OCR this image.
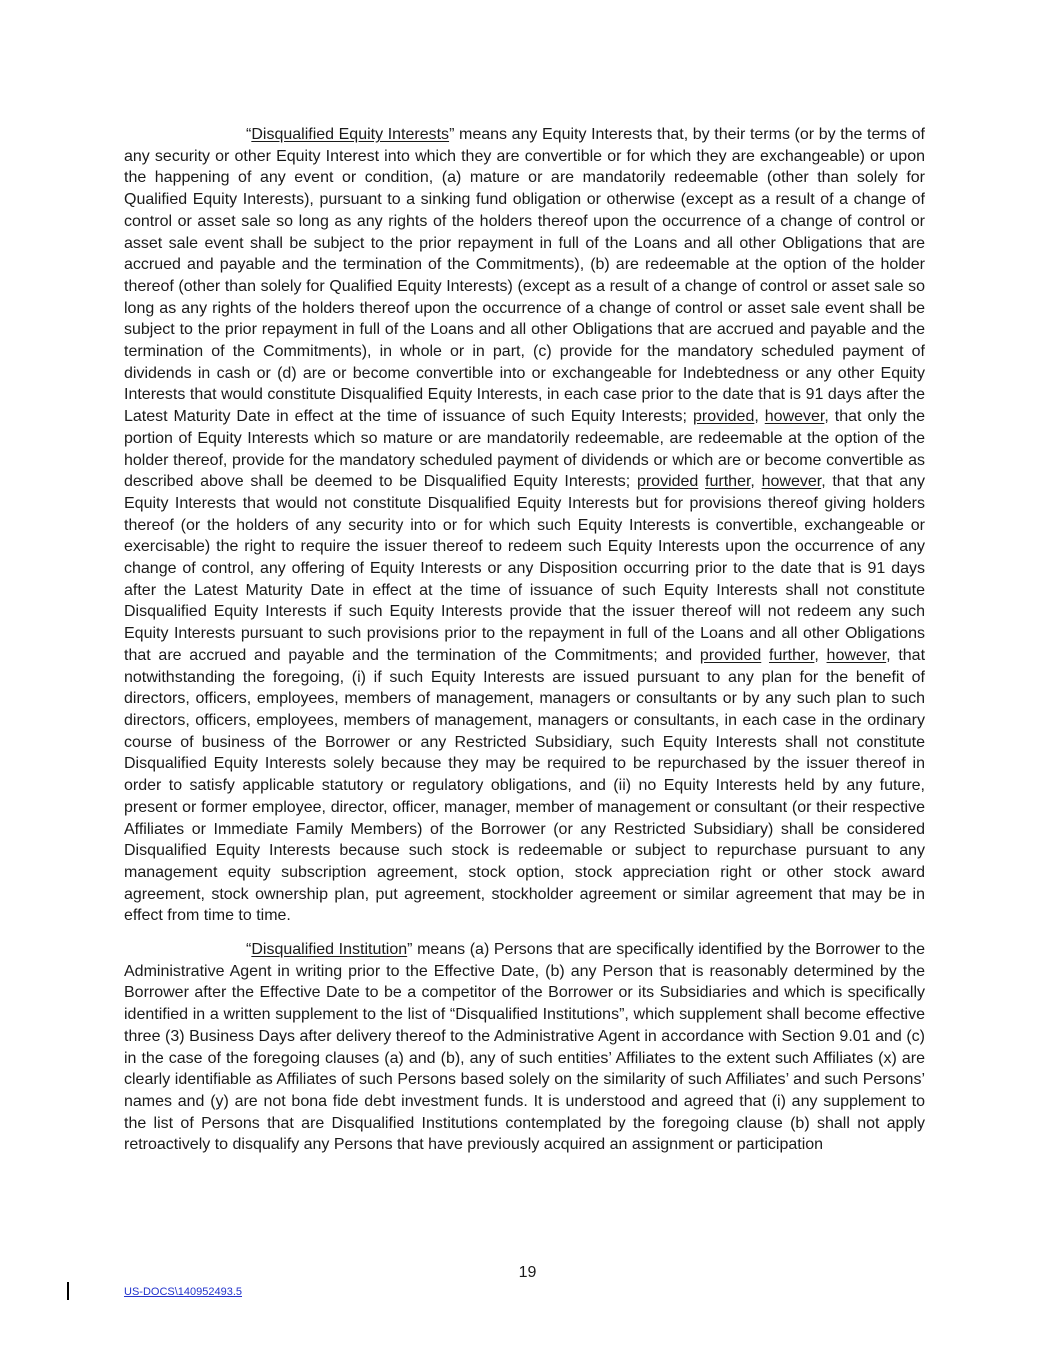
“Disqualified Equity Interests” means any Equity Interests that, by their terms (or by the terms of any security or other Equity Interest into which they are convertible or for which they are exchangeable) or upon the happening of any event or condition, (a) mature or are mandatorily redeemable (other than solely for Qualified Equity Interests), pursuant to a sinking fund obligation or otherwise (except as a result of a change of control or asset sale so long as any rights of the holders thereof upon the occurrence of a change of control or asset sale event shall be subject to the prior repayment in full of the Loans and all other Obligations that are accrued and payable and the termination of the Commitments), (b) are redeemable at the option of the holder thereof (other than solely for Qualified Equity Interests) (except as a result of a change of control or asset sale so long as any rights of the holders thereof upon the occurrence of a change of control or asset sale event shall be subject to the prior repayment in full of the Loans and all other Obligations that are accrued and payable and the termination of the Commitments), in whole or in part, (c) provide for the mandatory scheduled payment of dividends in cash or (d) are or become convertible into or exchangeable for Indebtedness or any other Equity Interests that would constitute Disqualified Equity Interests, in each case prior to the date that is 91 days after the Latest Maturity Date in effect at the time of issuance of such Equity Interests; provided, however, that only the portion of Equity Interests which so mature or are mandatorily redeemable, are redeemable at the option of the holder thereof, provide for the mandatory scheduled payment of dividends or which are or become convertible as described above shall be deemed to be Disqualified Equity Interests; provided further, however, that that any Equity Interests that would not constitute Disqualified Equity Interests but for provisions thereof giving holders thereof (or the holders of any security into or for which such Equity Interests is convertible, exchangeable or exercisable) the right to require the issuer thereof to redeem such Equity Interests upon the occurrence of any change of control, any offering of Equity Interests or any Disposition occurring prior to the date that is 91 days after the Latest Maturity Date in effect at the time of issuance of such Equity Interests shall not constitute Disqualified Equity Interests if such Equity Interests provide that the issuer thereof will not redeem any such Equity Interests pursuant to such provisions prior to the repayment in full of the Loans and all other Obligations that are accrued and payable and the termination of the Commitments; and provided further, however, that notwithstanding the foregoing, (i) if such Equity Interests are issued pursuant to any plan for the benefit of directors, officers, employees, members of management, managers or consultants or by any such plan to such directors, officers, employees, members of management, managers or consultants, in each case in the ordinary course of business of the Borrower or any Restricted Subsidiary, such Equity Interests shall not constitute Disqualified Equity Interests solely because they may be required to be repurchased by the issuer thereof in order to satisfy applicable statutory or regulatory obligations, and (ii) no Equity Interests held by any future, present or former employee, director, officer, manager, member of management or consultant (or their respective Affiliates or Immediate Family Members) of the Borrower (or any Restricted Subsidiary) shall be considered Disqualified Equity Interests because such stock is redeemable or subject to repurchase pursuant to any management equity subscription agreement, stock option, stock appreciation right or other stock award agreement, stock ownership plan, put agreement, stockholder agreement or similar agreement that may be in effect from time to time.

“Disqualified Institution” means (a) Persons that are specifically identified by the Borrower to the Administrative Agent in writing prior to the Effective Date, (b) any Person that is reasonably determined by the Borrower after the Effective Date to be a competitor of the Borrower or its Subsidiaries and which is specifically identified in a written supplement to the list of “Disqualified Institutions”, which supplement shall become effective three (3) Business Days after delivery thereof to the Administrative Agent in accordance with Section 9.01 and (c) in the case of the foregoing clauses (a) and (b), any of such entities’ Affiliates to the extent such Affiliates (x) are clearly identifiable as Affiliates of such Persons based solely on the similarity of such Affiliates’ and such Persons’ names and (y) are not bona fide debt investment funds. It is understood and agreed that (i) any supplement to the list of Persons that are Disqualified Institutions contemplated by the foregoing clause (b) shall not apply retroactively to disqualify any Persons that have previously acquired an assignment or participation

19
US-DOCS\140952493.5
